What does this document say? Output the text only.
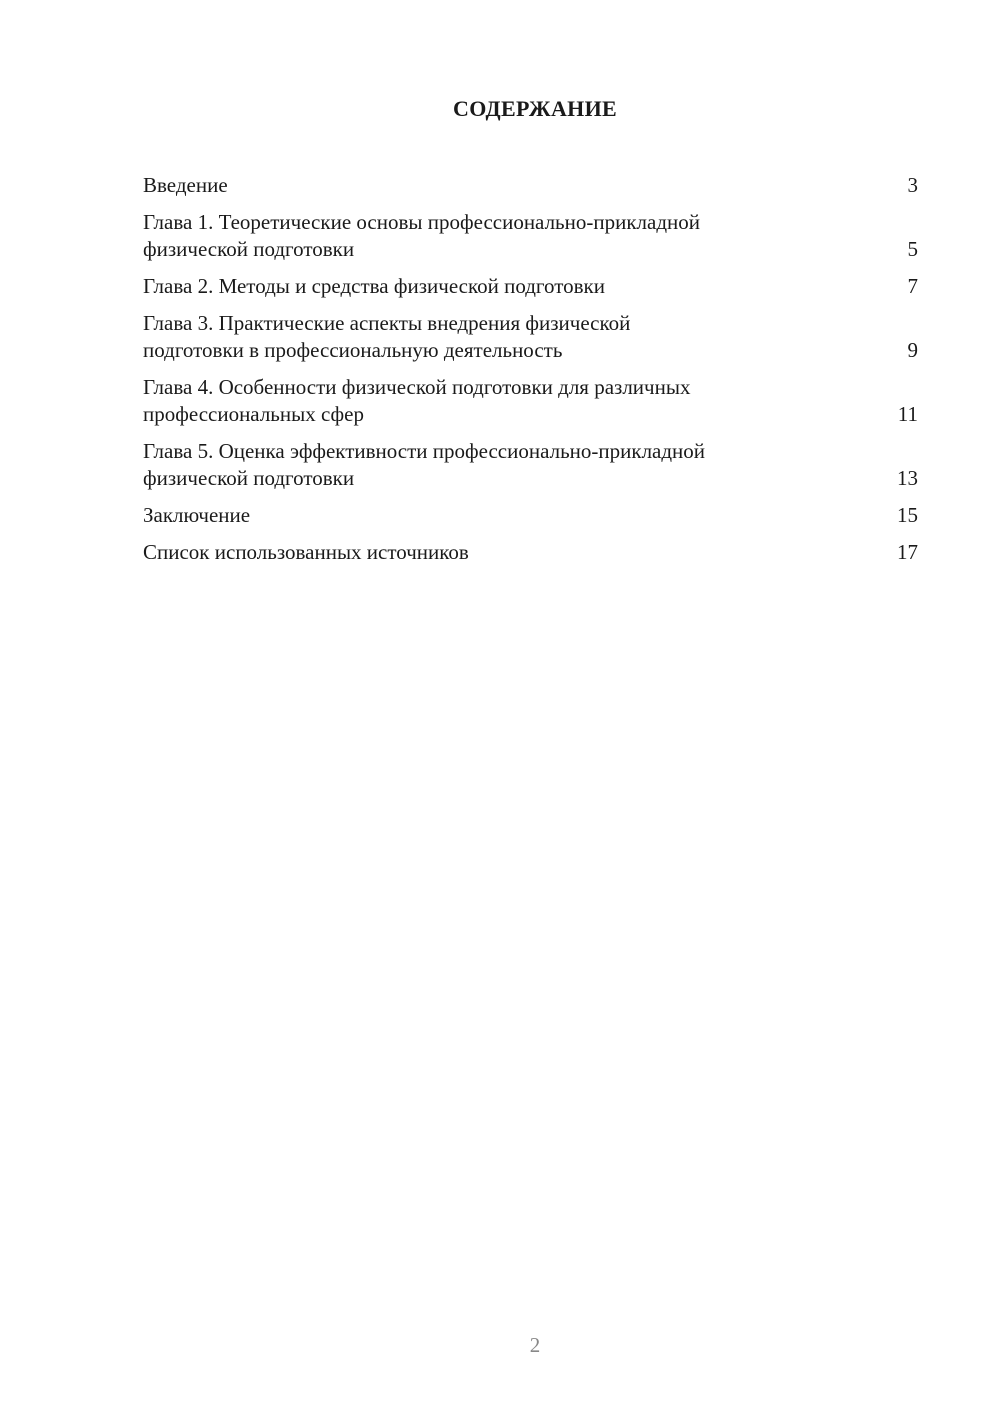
СОДЕРЖАНИЕ
Введение	3
Глава 1. Теоретические основы профессионально-прикладной
физической подготовки	5
Глава 2. Методы и средства физической подготовки	7
Глава 3. Практические аспекты внедрения физической
подготовки в профессиональную деятельность	9
Глава 4. Особенности физической подготовки для различных
профессиональных сфер	11
Глава 5. Оценка эффективности профессионально-прикладной
физической подготовки	13
Заключение	15
Список использованных источников	17
2
